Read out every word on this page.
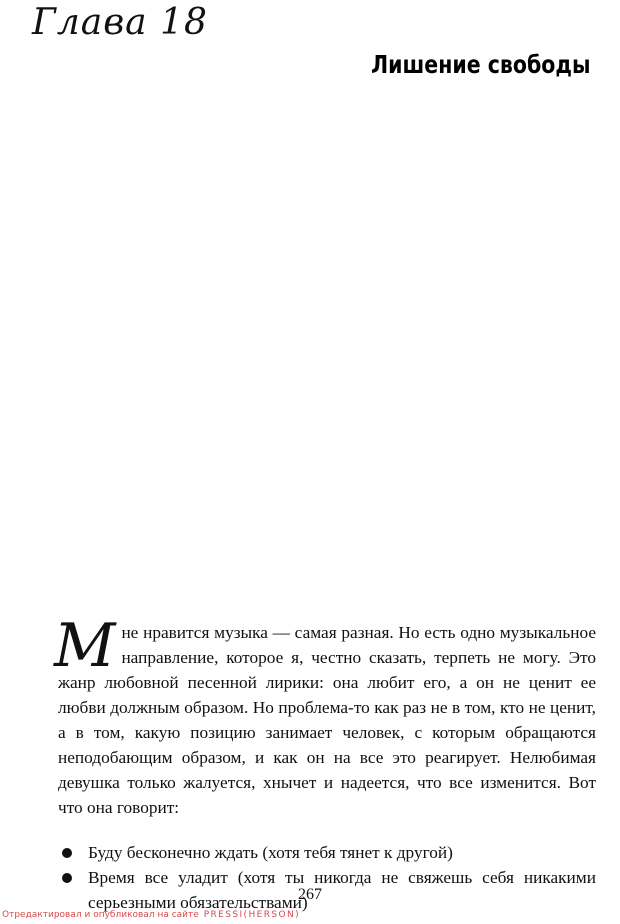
Глава 18
Лишение свободы

Мне нравится музыка — самая разная. Но есть одно музыкальное направление, которое я, честно сказать, терпеть не могу. Это жанр любовной песенной лирики: она любит его, а он не ценит ее любви должным образом. Но проблема-то как раз не в том, кто не ценит, а в том, какую позицию занимает человек, с которым обращаются неподобающим образом, и как он на все это реагирует. Нелюбимая девушка только жалуется, хнычет и надеется, что все изменится. Вот что она говорит:

Буду бесконечно ждать (хотя тебя тянет к другой)
Время все уладит (хотя ты никогда не свяжешь себя никакими серьезными обязательствами)
267
Отредактировал и опубликовал на сайте PRESSI(HERSON)
